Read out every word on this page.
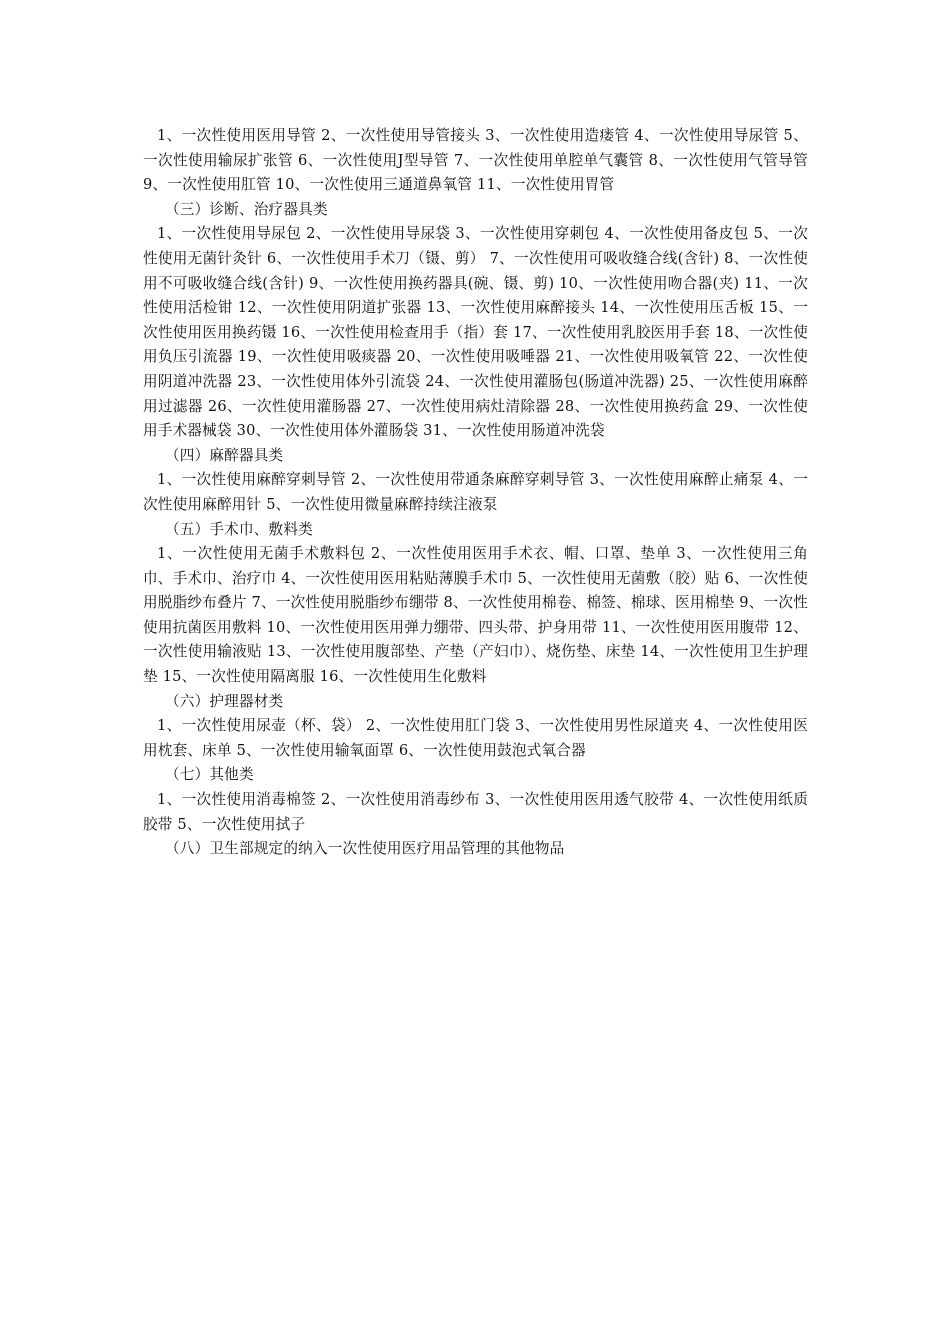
1、一次性使用医用导管 2、一次性使用导管接头 3、一次性使用造瘘管 4、一次性使用导尿管 5、一次性使用输尿扩张管 6、一次性使用J型导管 7、一次性使用单腔单气囊管 8、一次性使用气管导管 9、一次性使用肛管 10、一次性使用三通道鼻氧管 11、一次性使用胃管

（三）诊断、治疗器具类

1、一次性使用导尿包 2、一次性使用导尿袋 3、一次性使用穿刺包 4、一次性使用备皮包 5、一次性使用无菌针灸针 6、一次性使用手术刀（镊、剪） 7、一次性使用可吸收缝合线(含针) 8、一次性使用不可吸收缝合线(含针) 9、一次性使用换药器具(碗、镊、剪) 10、一次性使用吻合器(夹) 11、一次性使用活检钳 12、一次性使用阴道扩张器 13、一次性使用麻醉接头 14、一次性使用压舌板 15、一次性使用医用换药镊 16、一次性使用检查用手（指）套 17、一次性使用乳胶医用手套 18、一次性使用负压引流器 19、一次性使用吸痰器 20、一次性使用吸唾器 21、一次性使用吸氧管 22、一次性使用阴道冲洗器 23、一次性使用体外引流袋 24、一次性使用灌肠包(肠道冲洗器) 25、一次性使用麻醉用过滤器 26、一次性使用灌肠器 27、一次性使用病灶清除器 28、一次性使用换药盒 29、一次性使用手术器械袋 30、一次性使用体外灌肠袋 31、一次性使用肠道冲洗袋

（四）麻醉器具类

1、一次性使用麻醉穿刺导管 2、一次性使用带通条麻醉穿刺导管 3、一次性使用麻醉止痛泵 4、一次性使用麻醉用针 5、一次性使用微量麻醉持续注液泵

（五）手术巾、敷料类

1、一次性使用无菌手术敷料包 2、一次性使用医用手术衣、帽、口罩、垫单 3、一次性使用三角巾、手术巾、治疗巾 4、一次性使用医用粘贴薄膜手术巾 5、一次性使用无菌敷（胶）贴 6、一次性使用脱脂纱布叠片 7、一次性使用脱脂纱布绷带 8、一次性使用棉卷、棉签、棉球、医用棉垫 9、一次性使用抗菌医用敷料 10、一次性使用医用弹力绷带、四头带、护身用带 11、一次性使用医用腹带 12、一次性使用输液贴 13、一次性使用腹部垫、产垫（产妇巾）、烧伤垫、床垫 14、一次性使用卫生护理垫 15、一次性使用隔离服 16、一次性使用生化敷料

（六）护理器材类

1、一次性使用尿壶（杯、袋） 2、一次性使用肛门袋 3、一次性使用男性尿道夹 4、一次性使用医用枕套、床单 5、一次性使用输氧面罩 6、一次性使用鼓泡式氧合器

（七）其他类

1、一次性使用消毒棉签 2、一次性使用消毒纱布 3、一次性使用医用透气胶带 4、一次性使用纸质胶带 5、一次性使用拭子

（八）卫生部规定的纳入一次性使用医疗用品管理的其他物品
